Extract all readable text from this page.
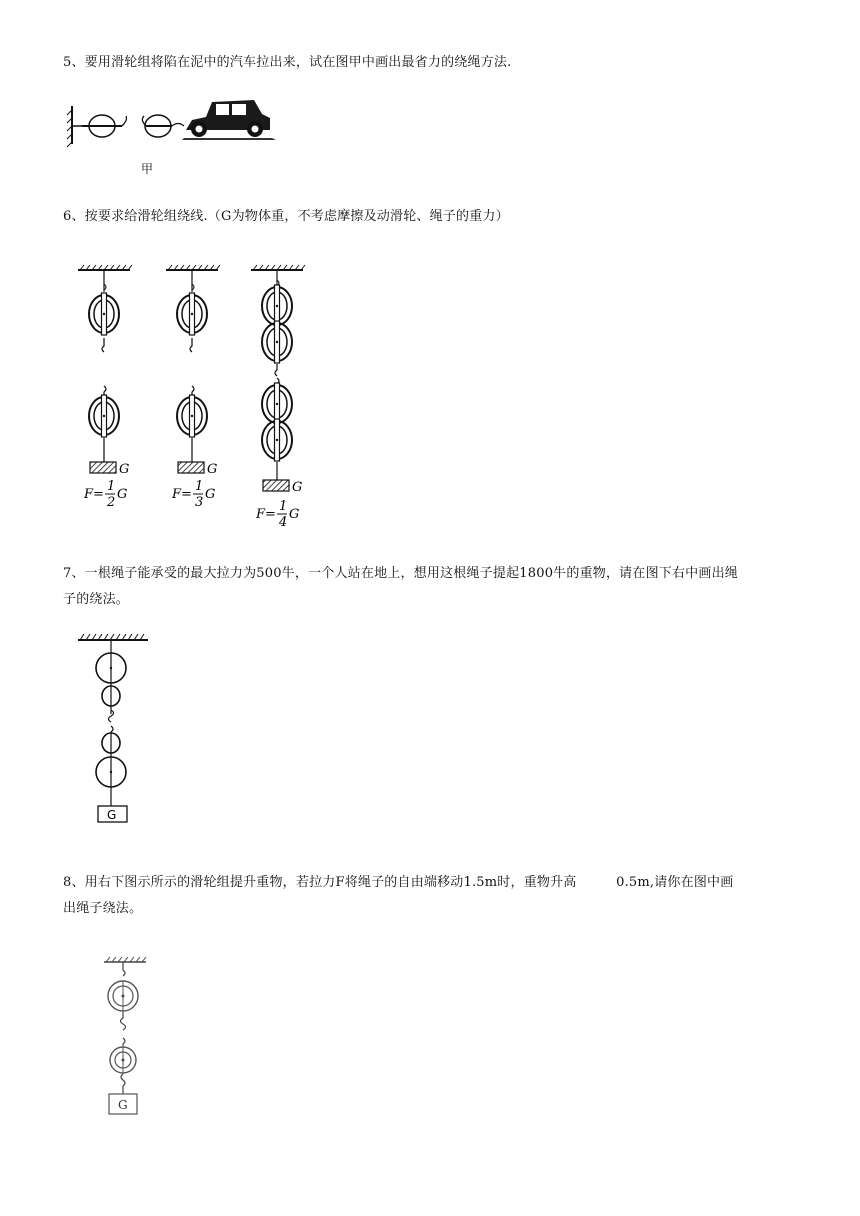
5、要用滑轮组将陷在泥中的汽车拉出来，试在图甲中画出最省力的绕绳方法.
甲
6、按要求给滑轮组绕线.（G为物体重，不考虑摩擦及动滑轮、绳子的重力）
G
F=
1
2
G
G
F=
1
3
G	G
F=
1
4
G
7、一根绳子能承受的最大拉力为500牛，一个人站在地上，想用这根绳子提起1800牛的重物，请在图下右中画出绳
子的绕法。
G
8、用右下图示所示的滑轮组提升重物，若拉力F将绳子的自由端移动1.5m时，重物升高　　　0.5m,请你在图中画
出绳子绕法。
G
